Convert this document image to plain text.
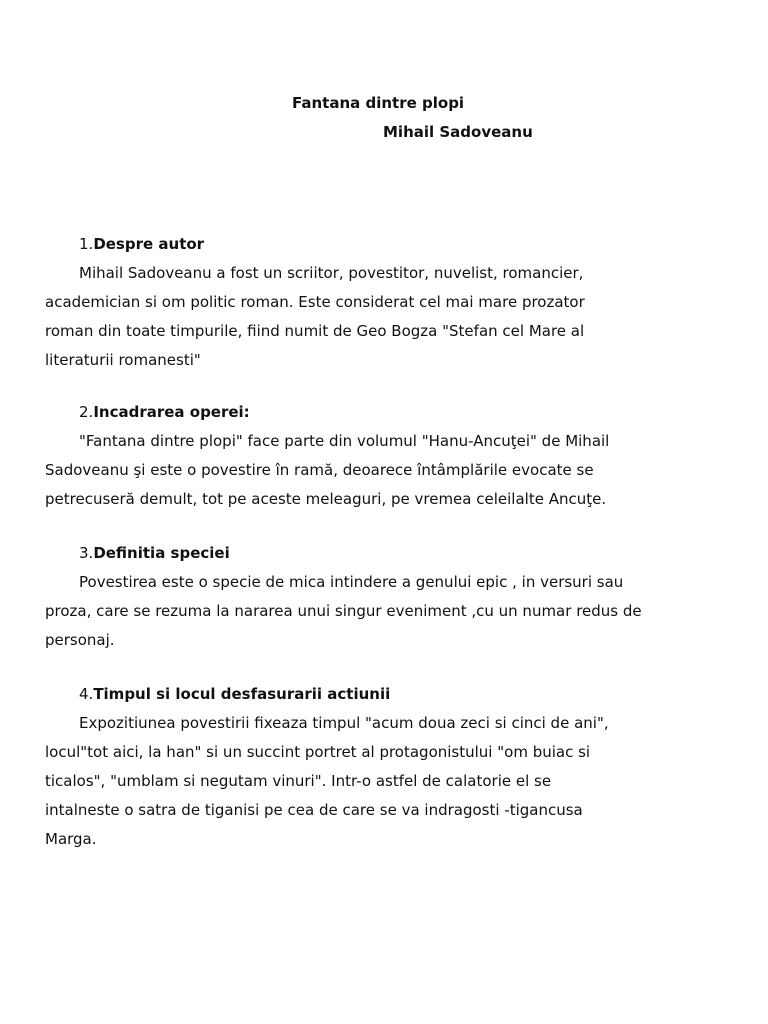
Fantana dintre plopi
Mihail Sadoveanu
1.Despre autor
Mihail Sadoveanu a fost un scriitor, povestitor, nuvelist, romancier,
academician si om politic roman. Este considerat cel mai mare prozator
roman din toate timpurile, fiind numit de Geo Bogza "Stefan cel Mare al
literaturii romanesti"
2.Incadrarea operei:
"Fantana dintre plopi" face parte din volumul "Hanu-Ancuţei" de Mihail
Sadoveanu şi este o povestire în ramă, deoarece întâmplările evocate se
petrecuseră demult, tot pe aceste meleaguri, pe vremea celeilalte Ancuţe.
3.Definitia speciei
Povestirea este o specie de mica intindere a genului epic , in versuri sau
proza, care se rezuma la nararea unui singur eveniment ,cu un numar redus de
personaj.
4.Timpul si locul desfasurarii actiunii
Expozitiunea povestirii fixeaza timpul "acum doua zeci si cinci de ani",
locul"tot aici, la han" si un succint portret al protagonistului "om buiac si
ticalos", "umblam si negutam vinuri". Intr-o astfel de calatorie el se
intalneste o satra de tiganisi pe cea de care se va indragosti -tigancusa
Marga.
